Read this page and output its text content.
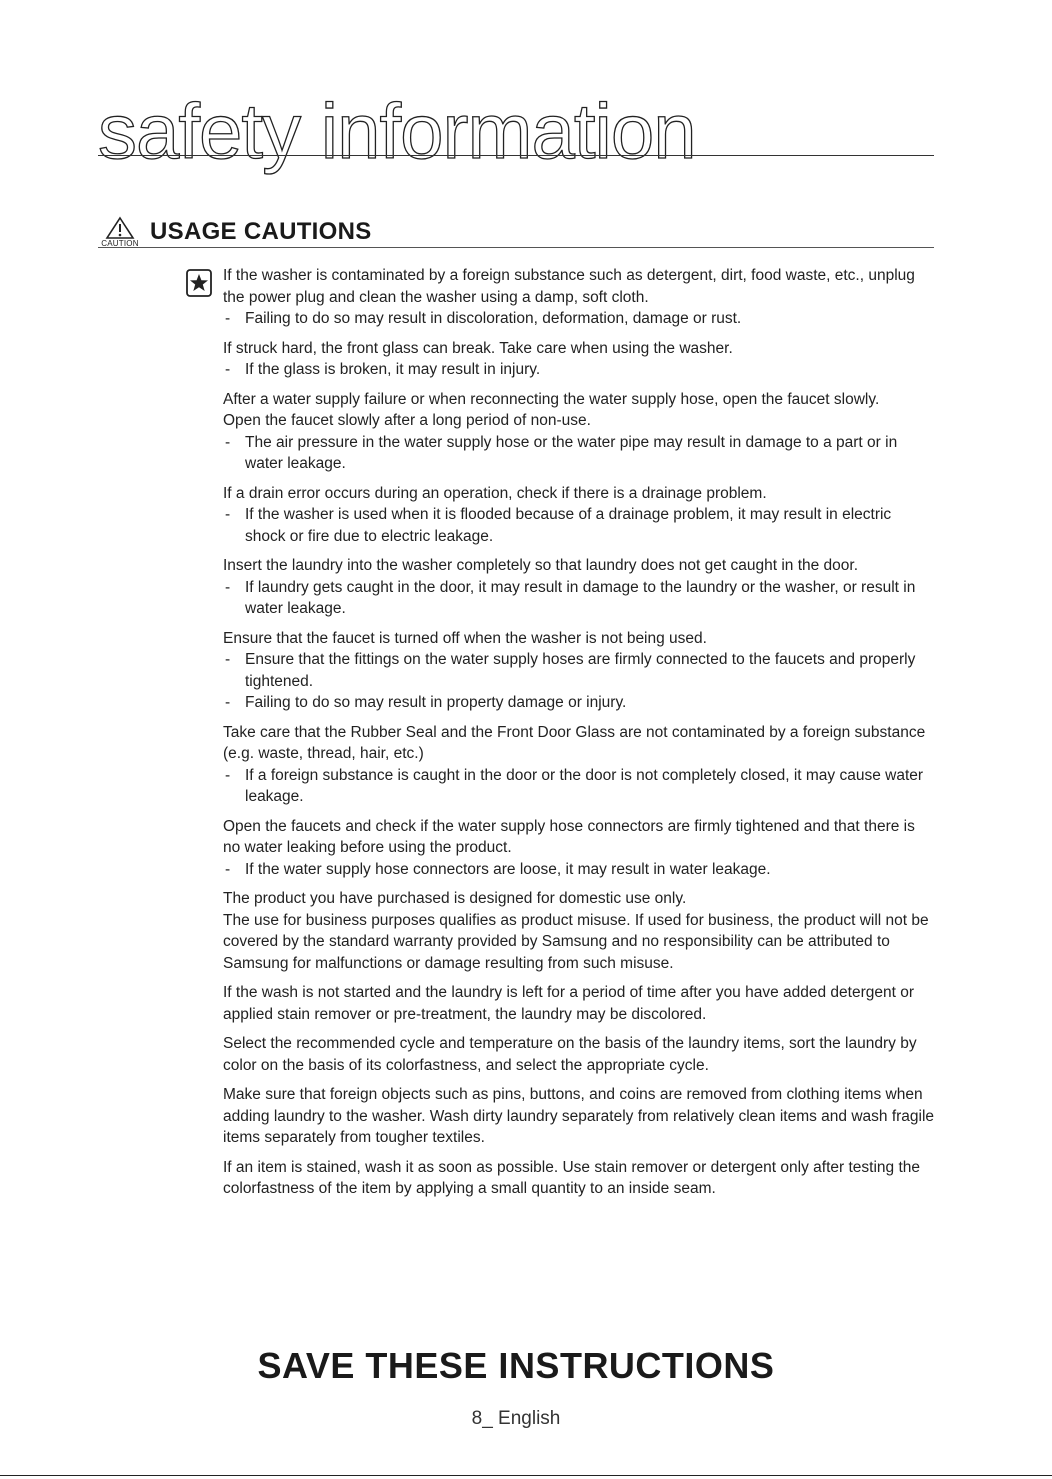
safety information
CAUTION USAGE CAUTIONS

If the washer is contaminated by a foreign substance such as detergent, dirt, food waste, etc., unplug the power plug and clean the washer using a damp, soft cloth.

- Failing to do so may result in discoloration, deformation, damage or rust.

If struck hard, the front glass can break. Take care when using the washer.

- If the glass is broken, it may result in injury.

After a water supply failure or when reconnecting the water supply hose, open the faucet slowly.

Open the faucet slowly after a long period of non-use.

- The air pressure in the water supply hose or the water pipe may result in damage to a part or in water leakage.

If a drain error occurs during an operation, check if there is a drainage problem.

- If the washer is used when it is flooded because of a drainage problem, it may result in electric shock or fire due to electric leakage.

Insert the laundry into the washer completely so that laundry does not get caught in the door.

- If laundry gets caught in the door, it may result in damage to the laundry or the washer, or result in water leakage.

Ensure that the faucet is turned off when the washer is not being used.

- Ensure that the fittings on the water supply hoses are firmly connected to the faucets and properly tightened.

- Failing to do so may result in property damage or injury.

Take care that the Rubber Seal and the Front Door Glass are not contaminated by a foreign substance (e.g. waste, thread, hair, etc.)

- If a foreign substance is caught in the door or the door is not completely closed, it may cause water leakage.

Open the faucets and check if the water supply hose connectors are firmly tightened and that there is no water leaking before using the product.

- If the water supply hose connectors are loose, it may result in water leakage.

The product you have purchased is designed for domestic use only.

The use for business purposes qualifies as product misuse. If used for business, the product will not be covered by the standard warranty provided by Samsung and no responsibility can be attributed to Samsung for malfunctions or damage resulting from such misuse.

If the wash is not started and the laundry is left for a period of time after you have added detergent or applied stain remover or pre-treatment, the laundry may be discolored.

Select the recommended cycle and temperature on the basis of the laundry items, sort the laundry by color on the basis of its colorfastness, and select the appropriate cycle.

Make sure that foreign objects such as pins, buttons, and coins are removed from clothing items when adding laundry to the washer. Wash dirty laundry separately from relatively clean items and wash fragile items separately from tougher textiles.

If an item is stained, wash it as soon as possible. Use stain remover or detergent only after testing the colorfastness of the item by applying a small quantity to an inside seam.

SAVE THESE INSTRUCTIONS
8_ English
